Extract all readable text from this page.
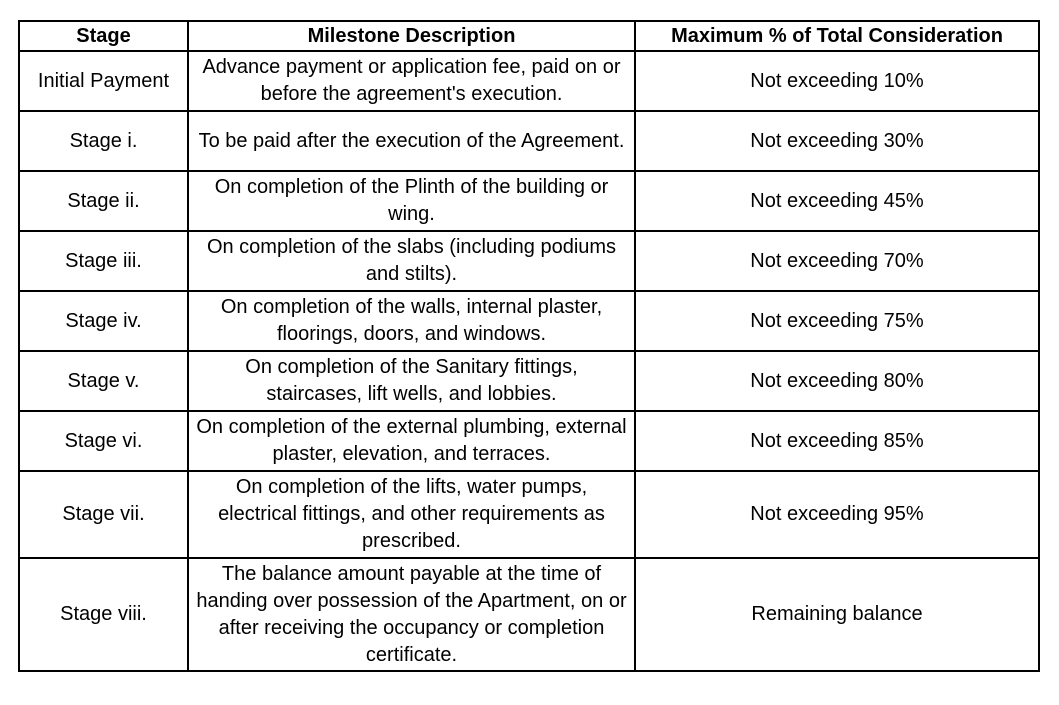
Stage	Milestone Description	Maximum % of Total Consideration
Initial Payment	Advance payment or application fee, paid on or before the agreement's execution.	Not exceeding 10%
Stage i.	To be paid after the execution of the Agreement.	Not exceeding 30%
Stage ii.	On completion of the Plinth of the building or wing.	Not exceeding 45%
Stage iii.	On completion of the slabs (including podiums and stilts).	Not exceeding 70%
Stage iv.	On completion of the walls, internal plaster, floorings, doors, and windows.	Not exceeding 75%
Stage v.	On completion of the Sanitary fittings, staircases, lift wells, and lobbies.	Not exceeding 80%
Stage vi.	On completion of the external plumbing, external plaster, elevation, and terraces.	Not exceeding 85%
Stage vii.	On completion of the lifts, water pumps, electrical fittings, and other requirements as prescribed.	Not exceeding 95%
Stage viii.	The balance amount payable at the time of handing over possession of the Apartment, on or after receiving the occupancy or completion certificate.	Remaining balance
